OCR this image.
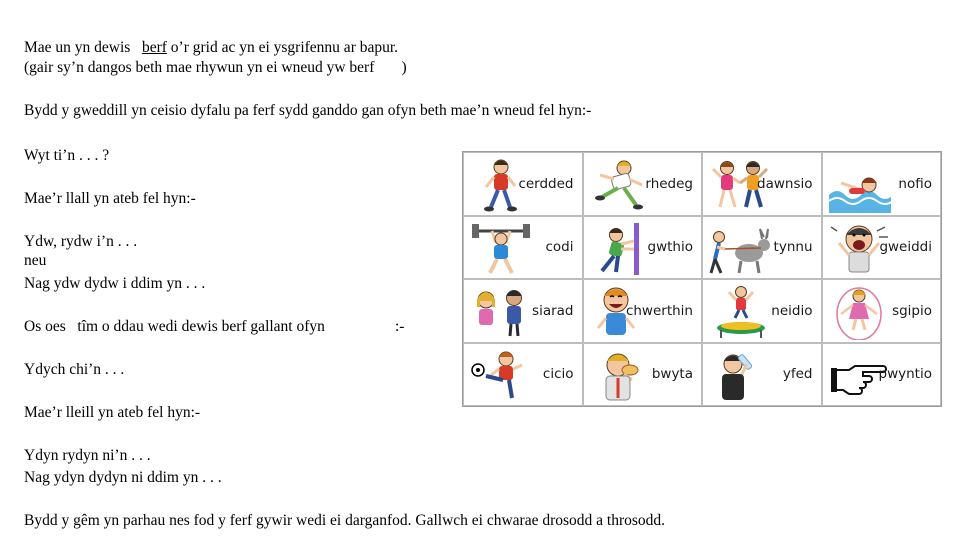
Mae un yn dewis berf o’r grid ac yn ei ysgrifennu ar bapur.
(gair sy’n dangos beth mae rhywun yn ei wneud yw berf )
Bydd y gweddill yn ceisio dyfalu pa ferf sydd ganddo gan ofyn beth mae’n wneud fel hyn:-
Wyt ti’n . . . ?
Mae’r llall yn ateb fel hyn:-
Ydw, rydw i’n . . .
neu
Nag ydw dydw i ddim yn . . .
Os oes tîm o ddau wedi dewis berf gallant ofyn	:-
Ydych chi’n . . .
Mae’r lleill yn ateb fel hyn:-
Ydyn rydyn ni’n . . .
Nag ydyn dydyn ni ddim yn . . .
Bydd y gêm yn parhau nes fod y ferf gywir wedi ei darganfod. Gallwch ei chwarae drosodd a throsodd.
cerdded	rhedeg	dawnsio	nofio
codi	gwthio	tynnu	gweiddi
siarad	chwerthin	neidio	sgipio
cicio	bwyta	yfed	pwyntio
